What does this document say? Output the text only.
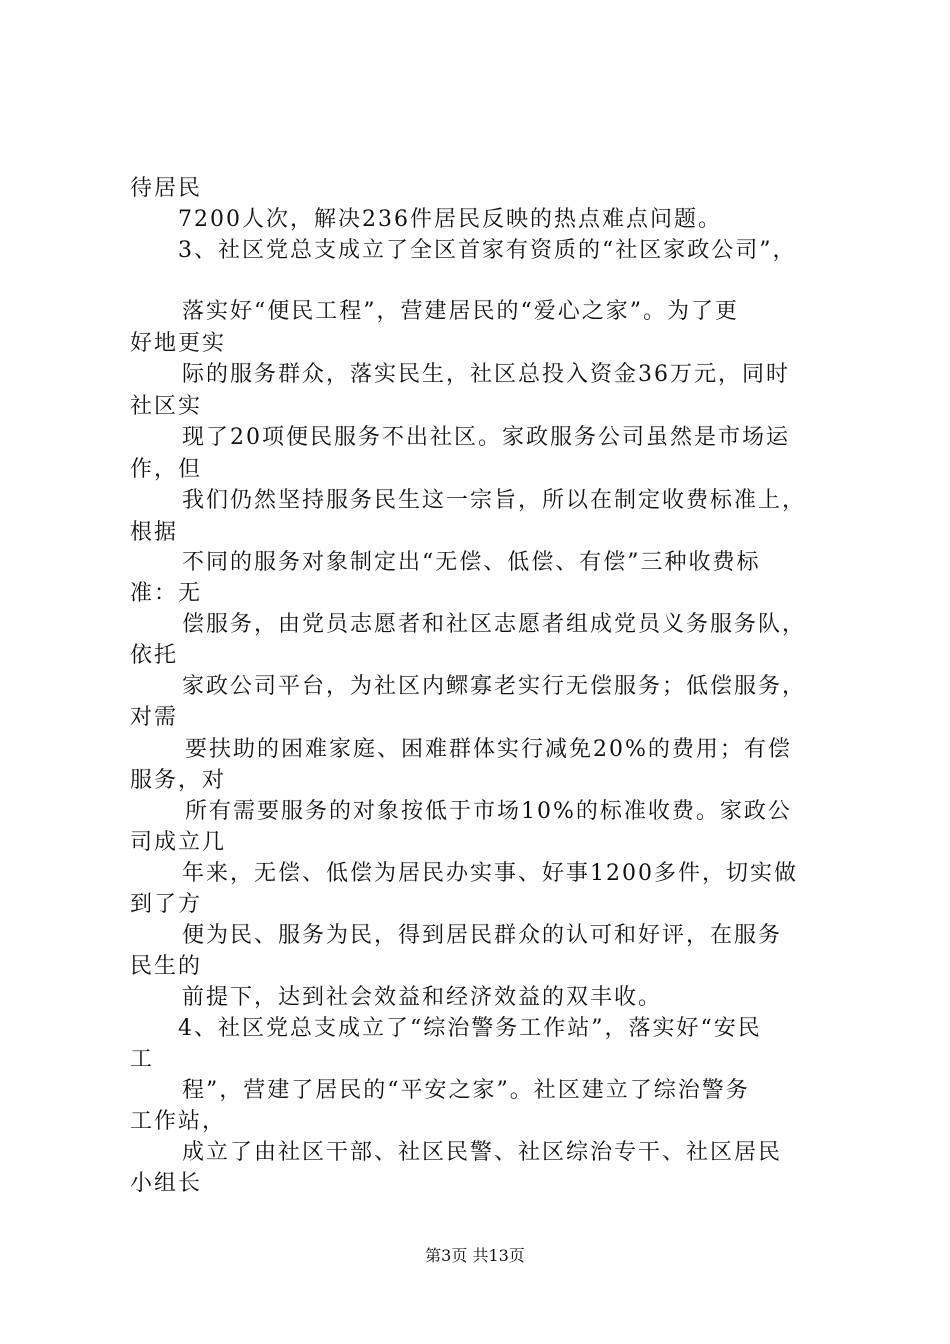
待居民
7200人次，解决236件居民反映的热点难点问题。
3、社区党总支成立了全区首家有资质的“社区家政公司”，
落实好“便民工程”，营建居民的“爱心之家”。为了更
好地更实
际的服务群众，落实民生，社区总投入资金36万元，同时
社区实
现了20项便民服务不出社区。家政服务公司虽然是市场运
作，但
我们仍然坚持服务民生这一宗旨，所以在制定收费标准上，
根据
不同的服务对象制定出“无偿、低偿、有偿”三种收费标
准：无
偿服务，由党员志愿者和社区志愿者组成党员义务服务队，
依托
家政公司平台，为社区内鳏寡老实行无偿服务；低偿服务，
对需
要扶助的困难家庭、困难群体实行减免20%的费用；有偿
服务，对
所有需要服务的对象按低于市场10%的标准收费。家政公
司成立几
年来，无偿、低偿为居民办实事、好事1200多件，切实做
到了方
便为民、服务为民，得到居民群众的认可和好评，在服务
民生的
前提下，达到社会效益和经济效益的双丰收。
4、社区党总支成立了“综治警务工作站”，落实好“安民
工
程”，营建了居民的“平安之家”。社区建立了综治警务
工作站，
成立了由社区干部、社区民警、社区综治专干、社区居民
小组长
第3页 共13页
